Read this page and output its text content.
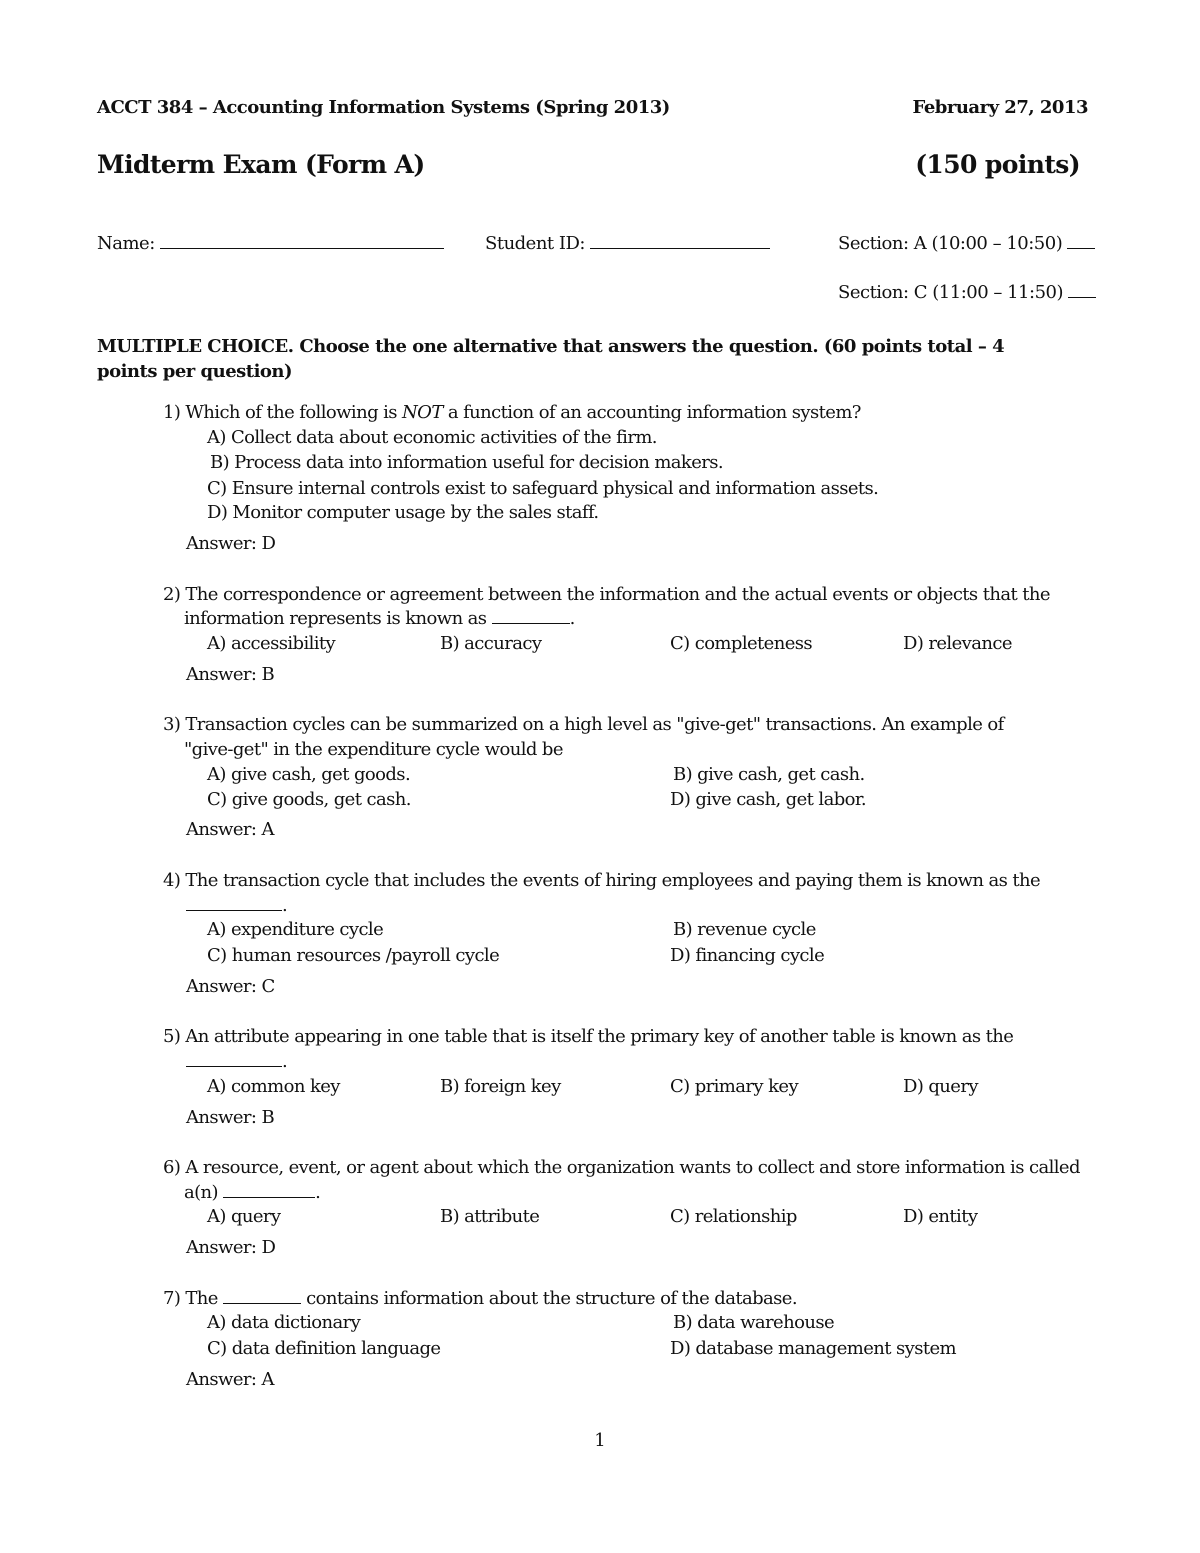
ACCT 384 – Accounting Information Systems (Spring 2013)	February 27, 2013
Midterm Exam (Form A)	(150 points)
Name:	Student ID:	Section: A (10:00 – 10:50)
Section: C (11:00 – 11:50)
MULTIPLE CHOICE. Choose the one alternative that answers the question. (60 points total – 4 points per question)
1) Which of the following is NOT a function of an accounting information system?
A) Collect data about economic activities of the firm.
B) Process data into information useful for decision makers.
C) Ensure internal controls exist to safeguard physical and information assets.
D) Monitor computer usage by the sales staff.
Answer: D
2) The correspondence or agreement between the information and the actual events or objects that the
information represents is known as	.
A) accessibility	B) accuracy	C) completeness	D) relevance
Answer: B
3) Transaction cycles can be summarized on a high level as "give-get" transactions. An example of
"give-get" in the expenditure cycle would be
A) give cash, get goods.	B) give cash, get cash.
C) give goods, get cash.	D) give cash, get labor.
Answer: A
4) The transaction cycle that includes the events of hiring employees and paying them is known as the
.
A) expenditure cycle	B) revenue cycle
C) human resources /payroll cycle	D) financing cycle
Answer: C
5) An attribute appearing in one table that is itself the primary key of another table is known as the
.
A) common key	B) foreign key	C) primary key	D) query
Answer: B
6) A resource, event, or agent about which the organization wants to collect and store information is called
a(n)	.
A) query	B) attribute	C) relationship	D) entity
Answer: D
7) The	contains information about the structure of the database.
A) data dictionary	B) data warehouse
C) data definition language	D) database management system
Answer: A
1
